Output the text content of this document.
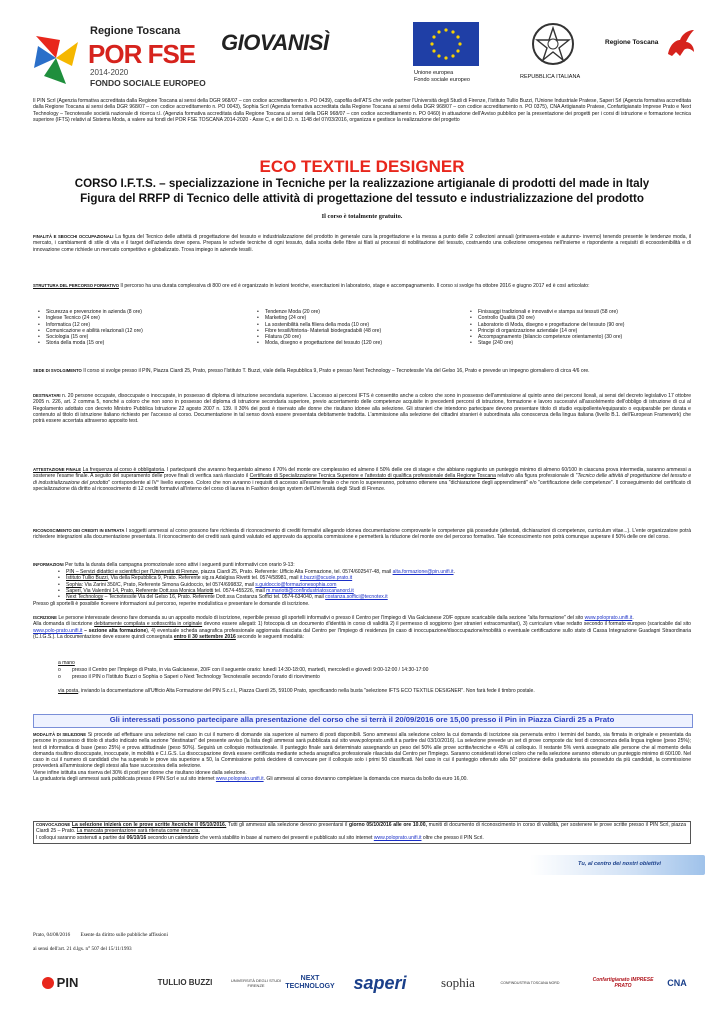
Regione Toscana
POR FSE
2014-2020
FONDO SOCIALE EUROPEO
GIOVANISÌ
Unione europea
Fondo sociale europeo	REPUBBLICA ITALIANA
Regione Toscana

Il PIN Scrl (Agenzia formativa accreditata dalla Regione Toscana ai sensi della DGR 968/07 – con codice accreditamento n. PO 0439), capofila dell'ATS che vede partner l'Università degli Studi di Firenze, l'Istituto Tullio Buzzi, l'Unione Industriale Pratese, Saperi Srl (Agenzia formativa accreditata dalla Regione Toscana ai sensi della DGR 968/07 – con codice accreditamento n. PO 0043), Sophia Scrl (Agenzia formativa accreditata dalla Regione Toscana ai sensi della DGR 968/07 – con codice accreditamento n. PO 0375), CNA Artigianato Pratese, Confartigianato Imprese Prato e Next Technology – Tecnotessile società nazionale di ricerca r.l. (Agenzia formativa accreditata dalla Regione Toscana ai sensi della DGR 968/07 – con codice accreditamento n. PO 0460) in attuazione dell'Avviso pubblico per la presentazione dei progetti per i corsi di istruzione e formazione tecnica superiore (IFTS) relativi al Sistema Moda, a valere sui fondi del POR FSE TOSCANA 2014-2020 - Asse C, e del D.D. n. 1148 del 07/03/2016, organizza e gestisce la realizzazione del progetto

ECO TEXTILE DESIGNER
CORSO I.F.T.S. – specializzazione in Tecniche per la realizzazione artigianale di prodotti del made in Italy
Figura del RRFP di Tecnico delle attività di progettazione del tessuto e industrializzazione del prodotto
Il corso è totalmente gratuito.

FINALITÀ E SBOCCHI OCCUPAZIONALI La figura del Tecnico delle attività di progettazione del tessuto e industrializzazione del prodotto in generale cura la progettazione e la messa a punto delle 2 collezioni annuali (primavera-estate e autunno- inverno) tenendo presente le tendenze moda, il mercato, i cambiamenti di stile di vita e il target dell'azienda dove opera. Prepara le schede tecniche di ogni tessuto, dalla scelta delle fibre ai filati ai processi di nobilitazione del tessuto, costruendo una collezione omogenea nell'insieme e rispondente a requisiti di ecosostenibilità e di innovazione come richiede un mercato competitivo e globalizzato. Trova impiego in aziende tessili.

STRUTTURA DEL PERCORSO FORMATIVO Il percorso ha una durata complessiva di 800 ore ed è organizzato in lezioni teoriche, esercitazioni in laboratorio, stage e accompagnamento. Il corso si svolge fra ottobre 2016 e giugno 2017 ed è così articolato:

• Sicurezza e prevenzione in azienda (8 ore)
• Inglese Tecnico (24 ore)
• Informatica (12 ore)
• Comunicazione e abilità relazionali (12 ore)
• Sociologia (15 ore)
• Storia della moda (15 ore)
• Tendenze Moda (20 ore)
• Marketing (24 ore)
• La sostenibilità nella filiera della moda (10 ore)
• Fibre tessili/tintoria- Materiali biodegradabili (48 ore)
• Filatura (30 ore)
• Moda, disegno e progettazione del tessuto (120 ore)
• Finissaggi tradizionali e innovativi e stampa sui tessuti (58 ore)
• Controllo Qualità (30 ore)
• Laboratorio di Moda, disegno e progettazione del tessuto (90 ore)
• Principi di organizzazione aziendale (14 ore)
• Accompagnamento (bilancio competenze orientamento) (30 ore)
• Stage (240 ore)

SEDE DI SVOLGIMENTO Il corso si svolge presso il PIN, Piazza Ciardi 25, Prato, presso l'Istituto T. Buzzi, viale della Repubblica 9, Prato e presso Next Technology – Tecnotessile Via del Gelso 16, Prato e prevede un impegno giornaliero di circa 4/6 ore.

DESTINATARI n. 20 persone occupate, disoccupate o inoccupate, in possesso di diploma di istruzione secondaria superiore. L'accesso ai percorsi IFTS è consentito anche a coloro che sono in possesso dell'ammissione al quinto anno dei percorsi liceali, ai sensi del decreto legislativo 17 ottobre 2005 n. 226, art. 2 comma 5, nonché a coloro che non sono in possesso del diploma di istruzione secondaria superiore, previo accertamento delle competenze acquisite in precedenti percorsi di istruzione, formazione e lavoro successivi all'assolvimento dell'obbligo di istruzione di cui al Regolamento adottato con decreto Ministro Pubblica Istruzione 22 agosto 2007 n. 139. Il 30% dei posti è riservato alle donne che risultano idonee alla selezione. Gli stranieri che intendono partecipare devono presentare titolo di studio equipollente/equiparato o equiparabile per durata e contenuto al titolo di istruzione italiano richiesto per l'accesso al corso. Documentazione in tal senso dovrà essere presentata debitamente tradotta. L'ammissione alla selezione dei cittadini stranieri è subordinata alla conoscenza della lingua italiana (livello B.1. dell'European Framework) che potrà essere accertata attraverso apposito test.

ATTESTAZIONE FINALE La frequenza al corso è obbligatoria. I partecipanti che avranno frequentato almeno il 70% del monte ore complessivo ed almeno il 50% delle ore di stage e che abbiano raggiunto un punteggio minimo di almeno 60/100 in ciascuna prova intermedia, saranno ammessi a sostenere l'esame finale. A seguito del superamento delle prove finali di verifica sarà rilasciato il Certificato di Specializzazione Tecnica Superiore e l'attestato di qualifica professionale della Regione Toscana relativo alla figura professionale di "Tecnico delle attività di progettazione del tessuto e di industrializzazione del prodotto" corrispondente al IV° livello europeo. Coloro che non avranno i requisiti di accesso all'esame finale o che non lo supereranno, potranno ottenere una "dichiarazione degli apprendimenti" e/o "certificazione delle competenze". Il conseguimento del certificato di specializzazione dà diritto al riconoscimento di 12 crediti formativi all'interno del corso di laurea in Fashion design system dell'Università degli Studi di Firenze.

RICONOSCIMENTO DEI CREDITI IN ENTRATA I soggetti ammessi al corso possono fare richiesta di riconoscimento di crediti formativi allegando idonea documentazione comprovante le competenze già possedute (attestati, dichiarazioni di competenze, curriculum vitae...). L'ente organizzatore potrà richiedere integrazioni alla documentazione presentata. Il riconoscimento dei crediti sarà quindi valutato ed approvato da apposita commissione e permetterà la riduzione del monte ore del percorso formativo. Tale riconoscimento non potrà comunque superare il 50% delle ore del corso.

INFORMAZIONI Per tutta la durata della campagna promozionale sono attivi i seguenti punti informativi con orario 9-13:

• PIN – Servizi didattici e scientifici per l'Università di Firenze, piazza Ciardi 25, Prato. Referente: Ufficio Alta Formazione, tel. 0574/602547-48, mail alta.formazione@pin.unifi.it.
• Istituto Tullio Buzzi, Via della Repubblica 9, Prato. Referente sig.ra Adalgisa Rivetti tel. 0574/58981, mail it.buzzi@scuole.prato.it
• Sophia: Via Zarini 350/C, Prato, Referente Simona Guidoccio, tel 0574/699832, mail s.guidoccio@formazionesophia.com
• Saperi, Via Valentini 14, Prato, Referente Dott.ssa Monica Mariotti tel. 0574-455226, mail m.mariotti@confindustriatoscananord.it
• Next Technology – Tecnotessile Via del Gelso 16, Prato. Referente Dott.ssa Costanza Soffici tel. 0574-634040, mail costanza.soffici@tecnotex.it

Presso gli sportelli è possibile ricevere informazioni sul percorso, reperire modulistica e presentare le domande di iscrizione.

ISCRIZIONE Le persone interessate devono fare domanda su un apposito modulo di iscrizione, reperibile presso gli sportelli informativi o presso il Centro per l'Impiego di Via Galcianese 20/F oppure scaricabile dalla sezione "alta formazione" del sito www.polopratо.unifi.it.
Alla domanda di iscrizione debitamente compilata e sottoscritta in originale devono essere allegati: 1) fotocopia di un documento d'identità in corso di validità 2) il permesso di soggiorno (per stranieri extracomunitari), 3) curriculum vitae redatto secondo il formato europeo (scaricabile dal sito www.polo-prato.unifi.it – sezione alta formazione), 4) eventuale scheda anagrafica professionale aggiornata rilasciata dal Centro per l'Impiego di residenza (in caso di inoccupazione/disoccupazione/mobilità o eventuale certificazione sullo stato di Cassa Integrazione Guadagni Straordinaria (C.I.G.S.). La documentazione deve essere quindi consegnata entro il 30 settembre 2016 secondo le seguenti modalità:

a mano
o presso il Centro per l'Impiego di Prato, in via Galcianese, 20/F con il seguente orario: lunedì 14:30-18:00, martedì, mercoledì e giovedì 9:00-12:00 / 14:30-17:00
o presso il PIN o l'Istituto Buzzi o Sophia o Saperi o Next Technology Tecnotessile secondo l'orario di ricevimento

via posta, inviando la documentazione all'Ufficio Alta Formazione del PIN S.c.r.l., Piazza Ciardi 25, 59100 Prato, specificando nella busta "selezione IFTS ECO TEXTILE DESIGNER". Non farà fede il timbro postale.

Gli interessati possono partecipare alla presentazione del corso che si terrà il 20/09/2016 ore 15,00 presso il Pin in Piazza Ciardi 25 a Prato

MODALITÀ DI SELEZIONE Si procede ad effettuare una selezione nel caso in cui il numero di domande sia superiore al numero di posti disponibili. Sono ammessi alla selezione coloro la cui domanda di iscrizione sia pervenuta entro i termini del bando, sia firmata in originale e presentata da persone in possesso di titolo di studio indicato nella sezione "destinatari" del presente avviso (la lista degli ammessi sarà pubblicata sul sito www.polopratо.unifi.it a partire dal 03/10/2016). La selezione prevede un set di prove composte da: test di conoscenza della lingua inglese (peso 25%); test di informatica di base (peso 25%) e prova attitudinale (peso 50%). Seguirà un colloquio motivazionale. Il punteggio finale sarà determinato assegnando un peso del 50% alle prove scritte/tecniche e 45% al colloquio. Il restante 5% verrà assegnato alle persone che al momento della domanda risultino disoccupate, inoccupate, in mobilità e C.I.G.S. La disoccupazione dovrà essere certificata mediante scheda anagrafica professionale rilasciata dal Centro per l'Impiego. Saranno considerati idonei coloro che nella selezione avranno ottenuto un punteggio minimo di 60/100. Nel caso in cui il numero di candidati che ha superato le prove sia superiore a 50, la Commissione potrà decidere di convocare per il colloquio solo i primi 50 classificati. Nel caso in cui il punteggio ottenuto alla 50° posizione della graduatoria sia posseduto da più candidati, la commissione provvederà all'ammissione degli stessi alla fase successiva della selezione.
Viene infine istituita una riserva del 30% di posti per donne che risultano idonee dalla selezione.
La graduatoria degli ammessi sarà pubblicata presso il PIN Scrl e sul sito internet www.polopratо.unifi.it. Gli ammessi al corso dovranno completare la domanda con marca da bollo da euro 16,00.

CONVOCAZIONE La selezione inizierà con le prove scritte /tecniche il 05/10/2016. Tutti gli ammessi alla selezione devono presentarsi il giorno 05/10/2016 alle ore 10.00, muniti di documento di riconoscimento in corso di validità, per sostenere le prove scritte presso il PIN Scrl, piazza Ciardi 25 – Prato. La mancata presentazione sarà ritenuta come rinuncia.
I colloqui saranno sostenuti a partire dal 06/10/16 secondo un calendario che verrà stabilito in base al numero dei presenti e pubblicato sul sito internet www.polopratо.unifi.it oltre che presso il PIN Scrl.

Tu, al centro dei nostri obiettivi
Prato, 04/08/2016        Esente da diritto sulle pubbliche affissioni
ai sensi dell'art. 21 d.lgs. n° 507 del 15/11/1993
PIN	UNIVERSITÀ DEGLI STUDI FIRENZE
TULLIO BUZZI	NEXT TECHNOLOGY	saperi	sophia	CONFINDUSTRIA TOSCANA NORD	Confartigianato IMPRESE PRATO	CNA
